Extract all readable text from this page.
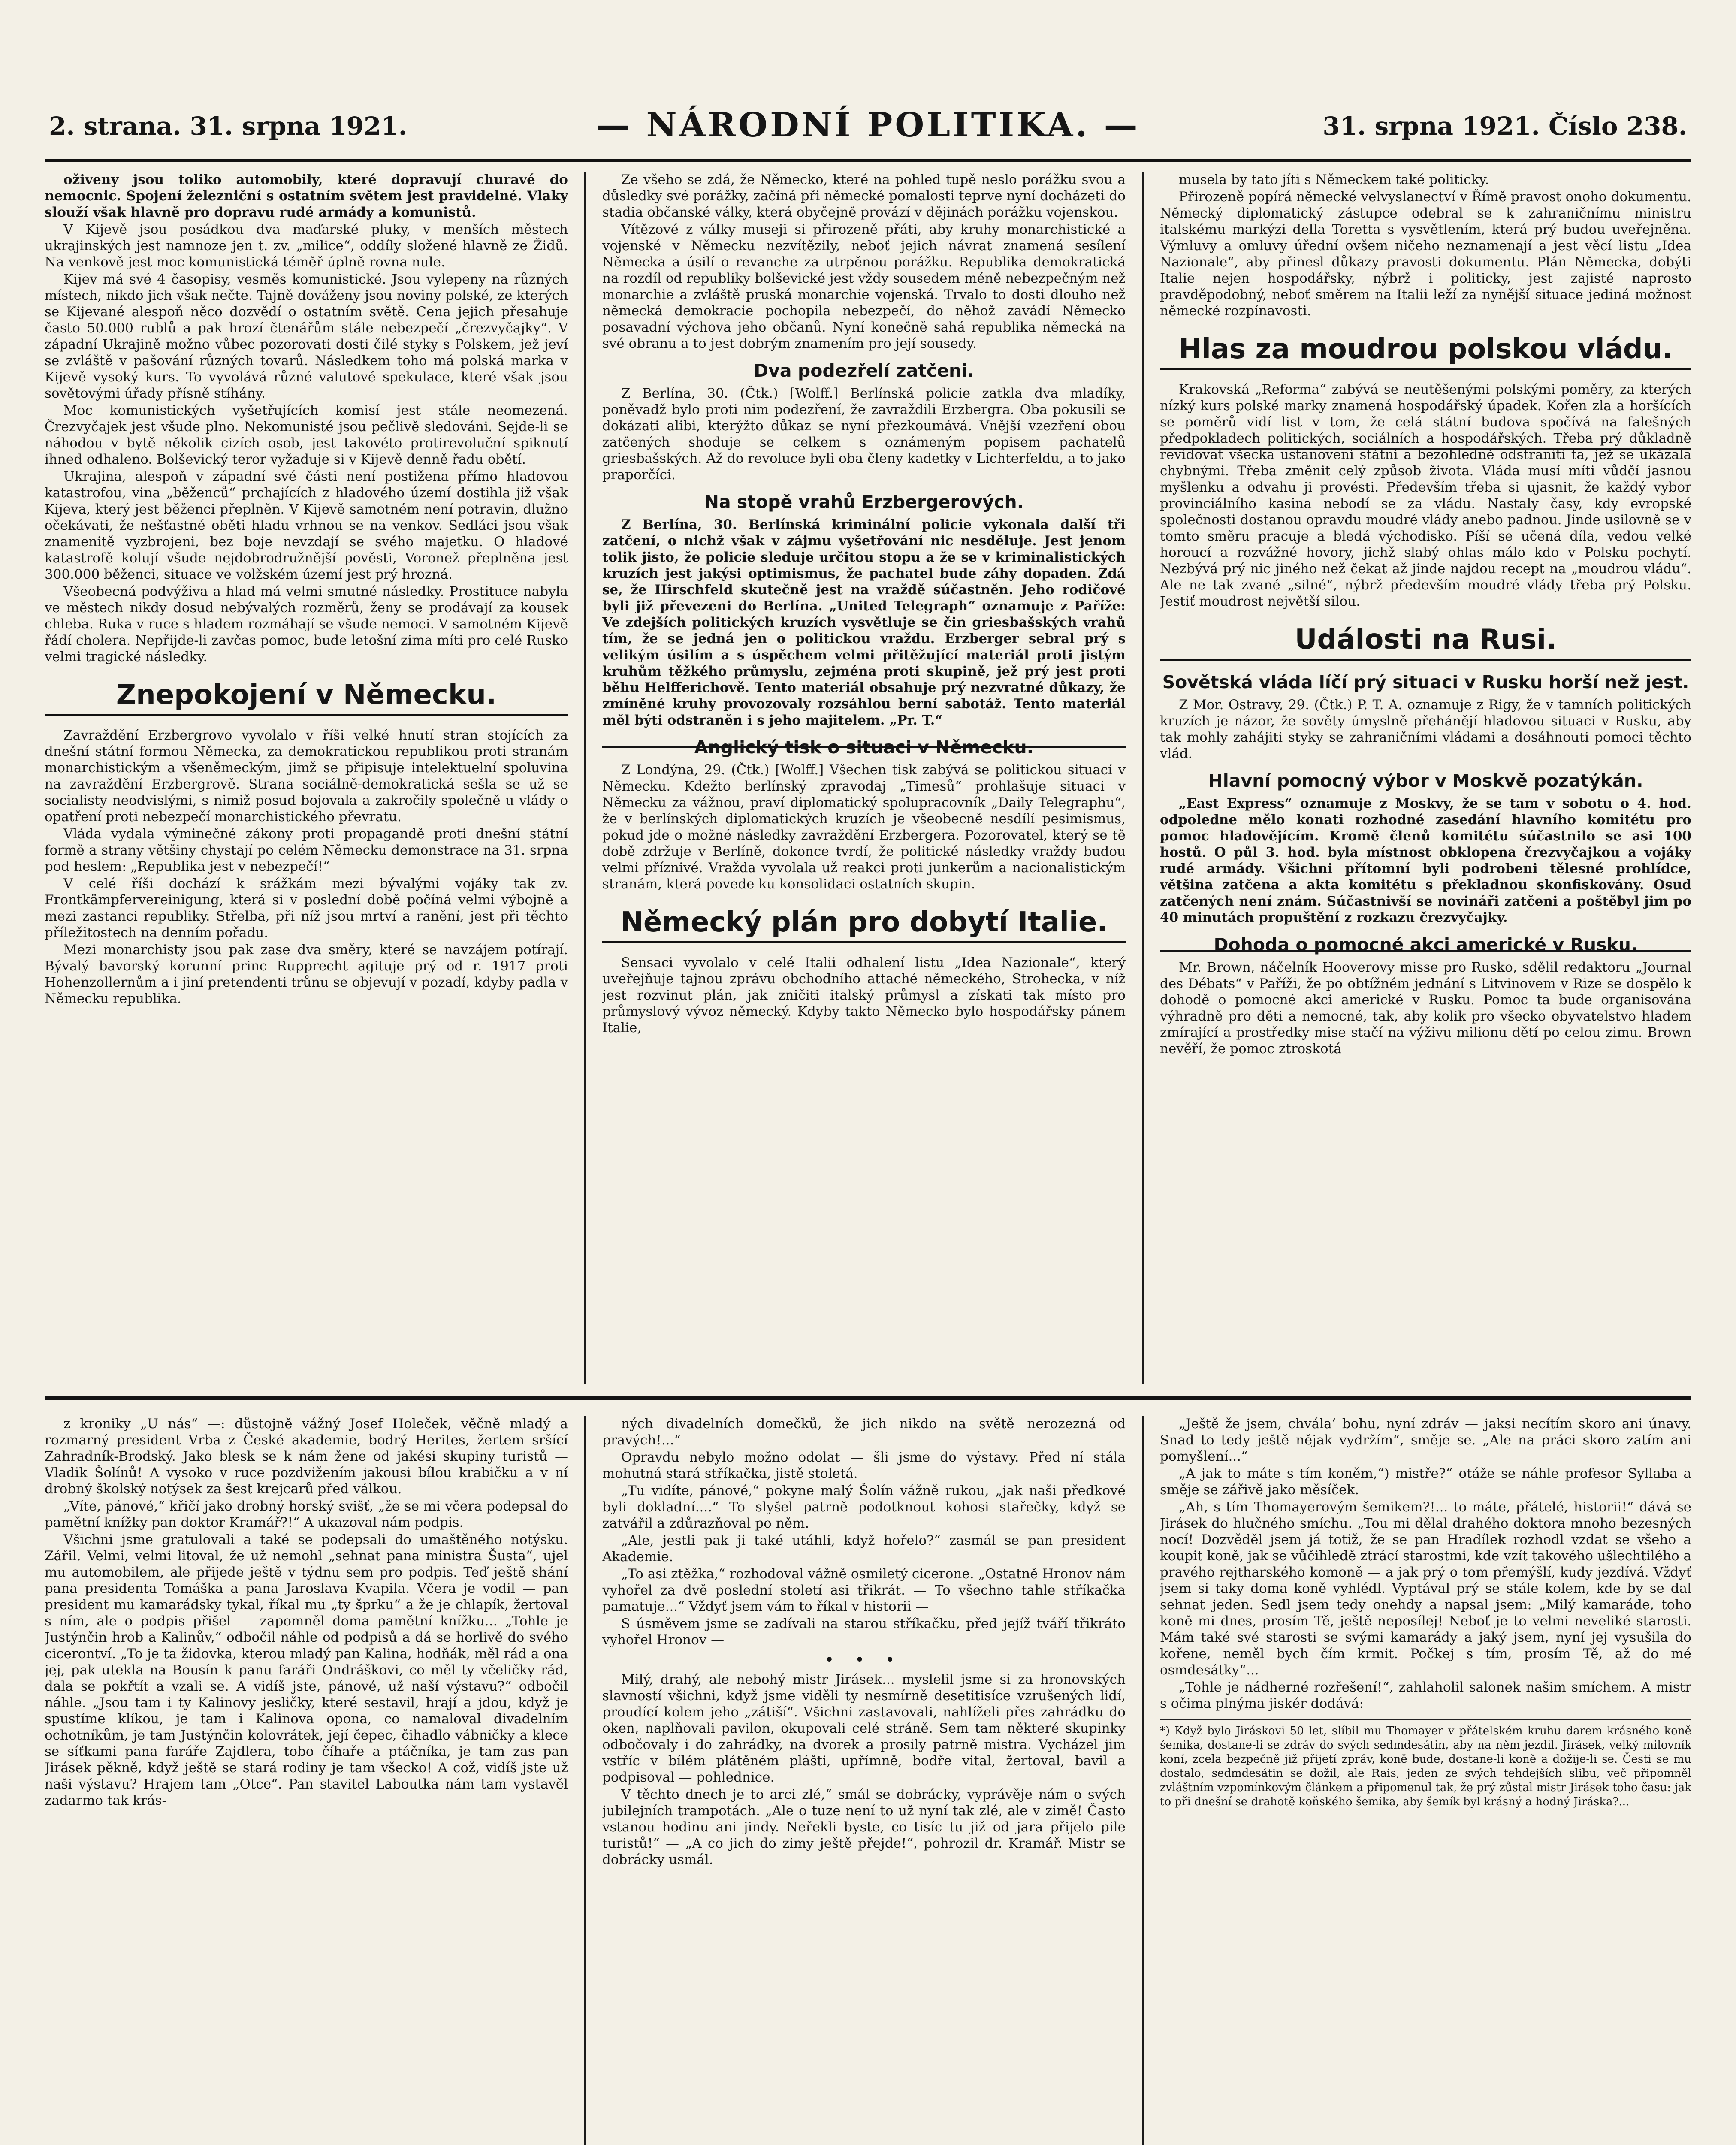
2. strana. 31. srpna 1921.	— NÁRODNÍ POLITIKA. —	31. srpna 1921. Číslo 238.

oživeny jsou toliko automobily, které dopravují churavé do nemocnic. Spojení železniční s ostatním světem jest pravidelné. Vlaky slouží však hlavně pro dopravu rudé armády a komunistů.

V Kijevě jsou posádkou dva maďarské pluky, v menších městech ukrajinských jest namnoze jen t. zv. „milice“, oddíly složené hlavně ze Židů. Na venkově jest moc komunistická téměř úplně rovna nule.

Kijev má své 4 časopisy, vesměs komunistické. Jsou vylepeny na různých místech, nikdo jich však nečte. Tajně dováženy jsou noviny polské, ze kterých se Kijevané alespoň něco dozvědí o ostatním světě. Cena jejich přesahuje často 50.000 rublů a pak hrozí čtenářům stále nebezpečí „črezvyčajky“. V západní Ukrajině možno vůbec pozorovati dosti čilé styky s Polskem, jež jeví se zvláště v pašování různých tovarů. Následkem toho má polská marka v Kijevě vysoký kurs. To vyvolává různé valutové spekulace, které však jsou sovětovými úřady přísně stíhány.

Moc komunistických vyšetřujících komisí jest stále neomezená. Črezvyčajek jest všude plno. Nekomunisté jsou pečlivě sledováni. Sejde-li se náhodou v bytě několik cizích osob, jest takovéto protirevoluční spiknutí ihned odhaleno. Bolševický teror vyžaduje si v Kijevě denně řadu obětí.

Ukrajina, alespoň v západní své části není postižena přímo hladovou katastrofou, vina „běženců“ prchajících z hladového území dostihla již však Kijeva, který jest běženci přeplněn. V Kijevě samotném není potravin, dlužno očekávati, že nešťastné oběti hladu vrhnou se na venkov. Sedláci jsou však znamenitě vyzbrojeni, bez boje nevzdají se svého majetku. O hladové katastrofě kolují všude nejdobrodružnější pověsti, Voronež přeplněna jest 300.000 běženci, situace ve volžském území jest prý hrozná.

Všeobecná podvýživa a hlad má velmi smutné následky. Prostituce nabyla ve městech nikdy dosud nebývalých rozměrů, ženy se prodávají za kousek chleba. Ruka v ruce s hladem rozmáhají se všude nemoci. V samotném Kijevě řádí cholera. Nepřijde-li zavčas pomoc, bude letošní zima míti pro celé Rusko velmi tragické následky.

Znepokojení v Německu.

Zavraždění Erzbergrovo vyvolalo v říši velké hnutí stran stojících za dnešní státní formou Německa, za demokratickou republikou proti stranám monarchistickým a všeněmeckým, jimž se připisuje intelektuelní spoluvina na zavraždění Erzbergrově. Strana sociálně-demokratická sešla se už se socialisty neodvislými, s nimiž posud bojovala a zakročily společně u vlády o opatření proti nebezpečí monarchistického převratu.

Vláda vydala výminečné zákony proti propagandě proti dnešní státní formě a strany většiny chystají po celém Německu demonstrace na 31. srpna pod heslem: „Republika jest v nebezpečí!“

V celé říši dochází k srážkám mezi bývalými vojáky tak zv. Frontkämpfervereinigung, která si v poslední době počíná velmi výbojně a mezi zastanci republiky. Střelba, při níž jsou mrtví a ranění, jest při těchto příležitostech na denním pořadu.

Mezi monarchisty jsou pak zase dva směry, které se navzájem potírají. Bývalý bavorský korunní princ Rupprecht agituje prý od r. 1917 proti Hohenzollernům a i jiní pretendenti trůnu se objevují v pozadí, kdyby padla v Německu republika.

Ze všeho se zdá, že Německo, které na pohled tupě neslo porážku svou a důsledky své porážky, začíná při německé pomalosti teprve nyní docházeti do stadia občanské války, která obyčejně provází v dějinách porážku vojenskou.

Vítězové z války museji si přirozeně přáti, aby kruhy monarchistické a vojenské v Německu nezvítězily, neboť jejich návrat znamená sesílení Německa a úsilí o revanche za utrpěnou porážku. Republika demokratická na rozdíl od republiky bolševické jest vždy sousedem méně nebezpečným než monarchie a zvláště pruská monarchie vojenská. Trvalo to dosti dlouho než německá demokracie pochopila nebezpečí, do něhož zavádí Německo posavadní výchova jeho občanů. Nyní konečně sahá republika německá na své obranu a to jest dobrým znamením pro její sousedy.

Dva podezřelí zatčeni.

Z Berlína, 30. (Čtk.) [Wolff.] Berlínská policie zatkla dva mladíky, poněvadž bylo proti nim podezření, že zavraždili Erzbergra. Oba pokusili se dokázati alibi, kterýžto důkaz se nyní přezkoumává. Vnější vzezření obou zatčených shoduje se celkem s oznámeným popisem pachatelů griesbašských. Až do revoluce byli oba členy kadetky v Lichterfeldu, a to jako praporčíci.

Na stopě vrahů Erzbergerových.

Z Berlína, 30. Berlínská kriminální policie vykonala další tři zatčení, o nichž však v zájmu vyšetřování nic nesděluje. Jest jenom tolik jisto, že policie sleduje určitou stopu a že se v kriminalistických kruzích jest jakýsi optimismus, že pachatel bude záhy dopaden. Zdá se, že Hirschfeld skutečně jest na vraždě súčastněn. Jeho rodičové byli již převezeni do Berlína. „United Telegraph“ oznamuje z Paříže: Ve zdejších politických kruzích vysvětluje se čin griesbašských vrahů tím, že se jedná jen o politickou vraždu. Erzberger sebral prý s velikým úsilím a s úspěchem velmi přitěžující materiál proti jistým kruhům těžkého průmyslu, zejména proti skupině, jež prý jest proti běhu Helfferichově. Tento materiál obsahuje prý nezvratné důkazy, že zmíněné kruhy provozovaly rozsáhlou berní sabotáž. Tento materiál měl býti odstraněn i s jeho majitelem. „Pr. T.“

Anglický tisk o situaci v Německu.

Z Londýna, 29. (Čtk.) [Wolff.] Všechen tisk zabývá se politickou situací v Německu. Kdežto berlínský zpravodaj „Timesů“ prohlašuje situaci v Německu za vážnou, praví diplomatický spolupracovník „Daily Telegraphu“, že v berlínských diplomatických kruzích je všeobecně nesdílí pesimismus, pokud jde o možné následky zavraždění Erzbergera. Pozorovatel, který se tě době zdržuje v Berlíně, dokonce tvrdí, že politické následky vraždy budou velmi příznivé. Vražda vyvolala už reakci proti junkerům a nacionalistickým stranám, která povede ku konsolidaci ostatních skupin.

Německý plán pro dobytí Italie.

Sensaci vyvolalo v celé Italii odhalení listu „Idea Nazionale“, který uveřejňuje tajnou zprávu obchodního attaché německého, Strohecka, v níž jest rozvinut plán, jak zničiti italský průmysl a získati tak místo pro průmyslový vývoz německý. Kdyby takto Německo bylo hospodářsky pánem Italie,

musela by tato jíti s Německem také politicky.

Přirozeně popírá německé velvyslanectví v Římě pravost onoho dokumentu. Německý diplomatický zástupce odebral se k zahraničnímu ministru italskému markýzi della Toretta s vysvětlením, která prý budou uveřejněna. Výmluvy a omluvy úřední ovšem ničeho neznamenají a jest věcí listu „Idea Nazionale“, aby přinesl důkazy pravosti dokumentu. Plán Německa, dobýti Italie nejen hospodářsky, nýbrž i politicky, jest zajisté naprosto pravděpodobný, neboť směrem na Italii leží za nynější situace jediná možnost německé rozpínavosti.

Hlas za moudrou polskou vládu.

Krakovská „Reforma“ zabývá se neutěšenými polskými poměry, za kterých nízký kurs polské marky znamená hospodářský úpadek. Kořen zla a horšících se poměrů vidí list v tom, že celá státní budova spočívá na falešných předpokladech politických, sociálních a hospodářských. Třeba prý důkladně revidovat všecka ustanovení státní a bezohledně odstraniti ta, jež se ukázala chybnými. Třeba změnit celý způsob života. Vláda musí míti vůdčí jasnou myšlenku a odvahu ji provésti. Především třeba si ujasnit, že každý vybor provinciálního kasina nebodí se za vládu. Nastaly časy, kdy evropské společnosti dostanou opravdu moudré vlády anebo padnou. Jinde usilovně se v tomto směru pracuje a bledá východisko. Píší se učená díla, vedou velké horoucí a rozvážné hovory, jichž slabý ohlas málo kdo v Polsku pochytí. Nezbývá prý nic jiného než čekat až jinde najdou recept na „moudrou vládu“. Ale ne tak zvané „silné“, nýbrž především moudré vlády třeba prý Polsku. Jestiť moudrost největší silou.

Události na Rusi.
Sovětská vláda líčí prý situaci v Rusku horší než jest.

Z Mor. Ostravy, 29. (Čtk.) P. T. A. oznamuje z Rigy, že v tamních politických kruzích je názor, že sověty úmyslně přehánějí hladovou situaci v Rusku, aby tak mohly zahájiti styky se zahraničními vládami a dosáhnouti pomoci těchto vlád.

Hlavní pomocný výbor v Moskvě pozatýkán.

„East Express“ oznamuje z Moskvy, že se tam v sobotu o 4. hod. odpoledne mělo konati rozhodné zasedání hlavního komitétu pro pomoc hladovějícím. Kromě členů komitétu súčastnilo se asi 100 hostů. O půl 3. hod. byla místnost obklopena črezvyčajkou a vojáky rudé armády. Všichni přítomní byli podrobeni tělesné prohlídce, většina zatčena a akta komitétu s překladnou skonfiskovány. Osud zatčených není znám. Súčastnivší se novináři zatčeni a poštěbyl jim po 40 minutách propuštění z rozkazu črezvyčajky.

Dohoda o pomocné akci americké v Rusku.

Mr. Brown, náčelník Hooverovy misse pro Rusko, sdělil redaktoru „Journal des Débats“ v Paříži, že po obtížném jednání s Litvinovem v Rize se dospělo k dohodě o pomocné akci americké v Rusku. Pomoc ta bude organisována výhradně pro děti a nemocné, tak, aby kolik pro všecko obyvatelstvo hladem zmírající a prostředky mise stačí na výživu milionu dětí po celou zimu. Brown nevěří, že pomoc ztroskotá

z kroniky „U nás“ —: důstojně vážný Josef Holeček, věčně mladý a rozmarný president Vrba z České akademie, bodrý Herites, žertem sršící Zahradník-Brodský. Jako blesk se k nám žene od jakési skupiny turistů — Vladik Šolínů! A vysoko v ruce pozdvižením jakousi bílou krabičku a v ní drobný školský notýsek za šest krejcarů před válkou.

„Víte, pánové,“ křičí jako drobný horský svišť, „že se mi včera podepsal do pamětní knížky pan doktor Kramář?!“ A ukazoval nám podpis.

Všichni jsme gratulovali a také se podepsali do umaštěného notýsku. Zářil. Velmi, velmi litoval, že už nemohl „sehnat pana ministra Šusta“, ujel mu automobilem, ale přijede ještě v týdnu sem pro podpis. Teď ještě shání pana presidenta Tomáška a pana Jaroslava Kvapila. Včera je vodil — pan president mu kamarádsky tykal, říkal mu „ty šprku“ a že je chlapík, žertoval s ním, ale o podpis přišel — zapomněl doma pamětní knížku... „Tohle je Justýnčin hrob a Kalinův,“ odbočil náhle od podpisů a dá se horlivě do svého cicerontví. „To je ta židovka, kterou mladý pan Kalina, hodňák, měl rád a ona jej, pak utekla na Bousín k panu faráři Ondráškovi, co měl ty včeličky rád, dala se pokřtít a vzali se. A vidíš jste, pánové, už naší výstavu?“ odbočil náhle. „Jsou tam i ty Kalinovy jesličky, které sestavil, hrají a jdou, když je spustíme klíkou, je tam i Kalinova opona, co namaloval divadelním ochotníkům, je tam Justýnčin kolovrátek, její čepec, čihadlo vábničky a klece se síťkami pana faráře Zajdlera, tobo číhaře a ptáčníka, je tam zas pan Jirásek pěkně, když ještě se stará rodiny je tam všecko! A což, vidíš jste už naši výstavu? Hrajem tam „Otce“. Pan stavitel Laboutka nám tam vystavěl zadarmo tak krás-

ných divadelních domečků, že jich nikdo na světě nerozezná od pravých!...“

Opravdu nebylo možno odolat — šli jsme do výstavy. Před ní stála mohutná stará stříkačka, jistě stoletá.

„Tu vidíte, pánové,“ pokyne malý Šolín vážně rukou, „jak naši předkové byli dokladní....“ To slyšel patrně podotknout kohosi stařečky, když se zatvářil a zdůrazňoval po něm.

„Ale, jestli pak ji také utáhli, když hořelo?“ zasmál se pan president Akademie.

„To asi ztěžka,“ rozhodoval vážně osmiletý cicerone. „Ostatně Hronov nám vyhořel za dvě poslední století asi třikrát. — To všechno tahle stříkačka pamatuje...“ Vždyť jsem vám to říkal v historii —

S úsměvem jsme se zadívali na starou stříkačku, před jejíž tváří třikráto vyhořel Hronov —

• • •

Milý, drahý, ale nebohý mistr Jirásek... myslelil jsme si za hronovských slavností všichni, když jsme viděli ty nesmírně desetitisíce vzrušených lidí, proudící kolem jeho „zátiší“. Všichni zastavovali, nahlíželi přes zahrádku do oken, naplňovali pavilon, okupovali celé stráně. Sem tam některé skupinky odbočovaly i do zahrádky, na dvorek a prosily patrně mistra. Vycházel jim vstříc v bílém plátěném plášti, upřímně, bodře vital, žertoval, bavil a podpisoval — pohlednice.

V těchto dnech je to arci zlé,“ smál se dobrácky, vyprávěje nám o svých jubilejních trampotách. „Ale o tuze není to už nyní tak zlé, ale v zimě! Často vstanou hodinu ani jindy. Neřekli byste, co tisíc tu již od jara přijelo pile turistů!“ — „A co jich do zimy ještě přejde!“, pohrozil dr. Kramář. Mistr se dobrácky usmál.

„Ještě že jsem, chvála‘ bohu, nyní zdráv — jaksi necítím skoro ani únavy. Snad to tedy ještě nějak vydržím“, směje se. „Ale na práci skoro zatím ani pomyšlení...“

„A jak to máte s tím koněm,“) mistře?“ otáže se náhle profesor Syllaba a směje se zářivě jako měsíček.

„Ah, s tím Thomayerovým šemikem?!... to máte, přátelé, historii!“ dává se Jirásek do hlučného smíchu. „Tou mi dělal drahého doktora mnoho bezesných nocí! Dozvěděl jsem já totiž, že se pan Hradílek rozhodl vzdat se všeho a koupit koně, jak se vůčihledě ztrácí starostmi, kde vzít takového ušlechtilého a pravého rejtharského komoně — a jak prý o tom přemýšlí, kudy jezdívá. Vždyť jsem si taky doma koně vyhlédl. Vyptával prý se stále kolem, kde by se dal sehnat jeden. Sedl jsem tedy onehdy a napsal jsem: „Milý kamaráde, toho koně mi dnes, prosím Tě, ještě neposílej! Neboť je to velmi neveliké starosti. Mám také své starosti se svými kamarády a jaký jsem, nyní jej vysušila do kořene, neměl bych čím krmit. Počkej s tím, prosím Tě, až do mé osmdesátky“...

„Tohle je nádherné rozřešení!“, zahlaholil salonek našim smíchem. A mistr s očima plnýma jiskér dodává:

*) Když bylo Jiráskovi 50 let, slíbil mu Thomayer v přátelském kruhu darem krásného koně šemika, dostane-li se zdráv do svých sedmdesátin, aby na něm jezdil. Jirásek, velký milovník koní, zcela bezpečně již přijetí zpráv, koně bude, dostane-li koně a dožije-li se. Česti se mu dostalo, sedmdesátin se dožil, ale Rais, jeden ze svých tehdejších slibu, več připomněl zvláštním vzpomínkovým článkem a připomenul tak, že prý zůstal mistr Jirásek toho času: jak to při dnešní se drahotě koňského šemika, aby šemík byl krásný a hodný Jiráska?...
